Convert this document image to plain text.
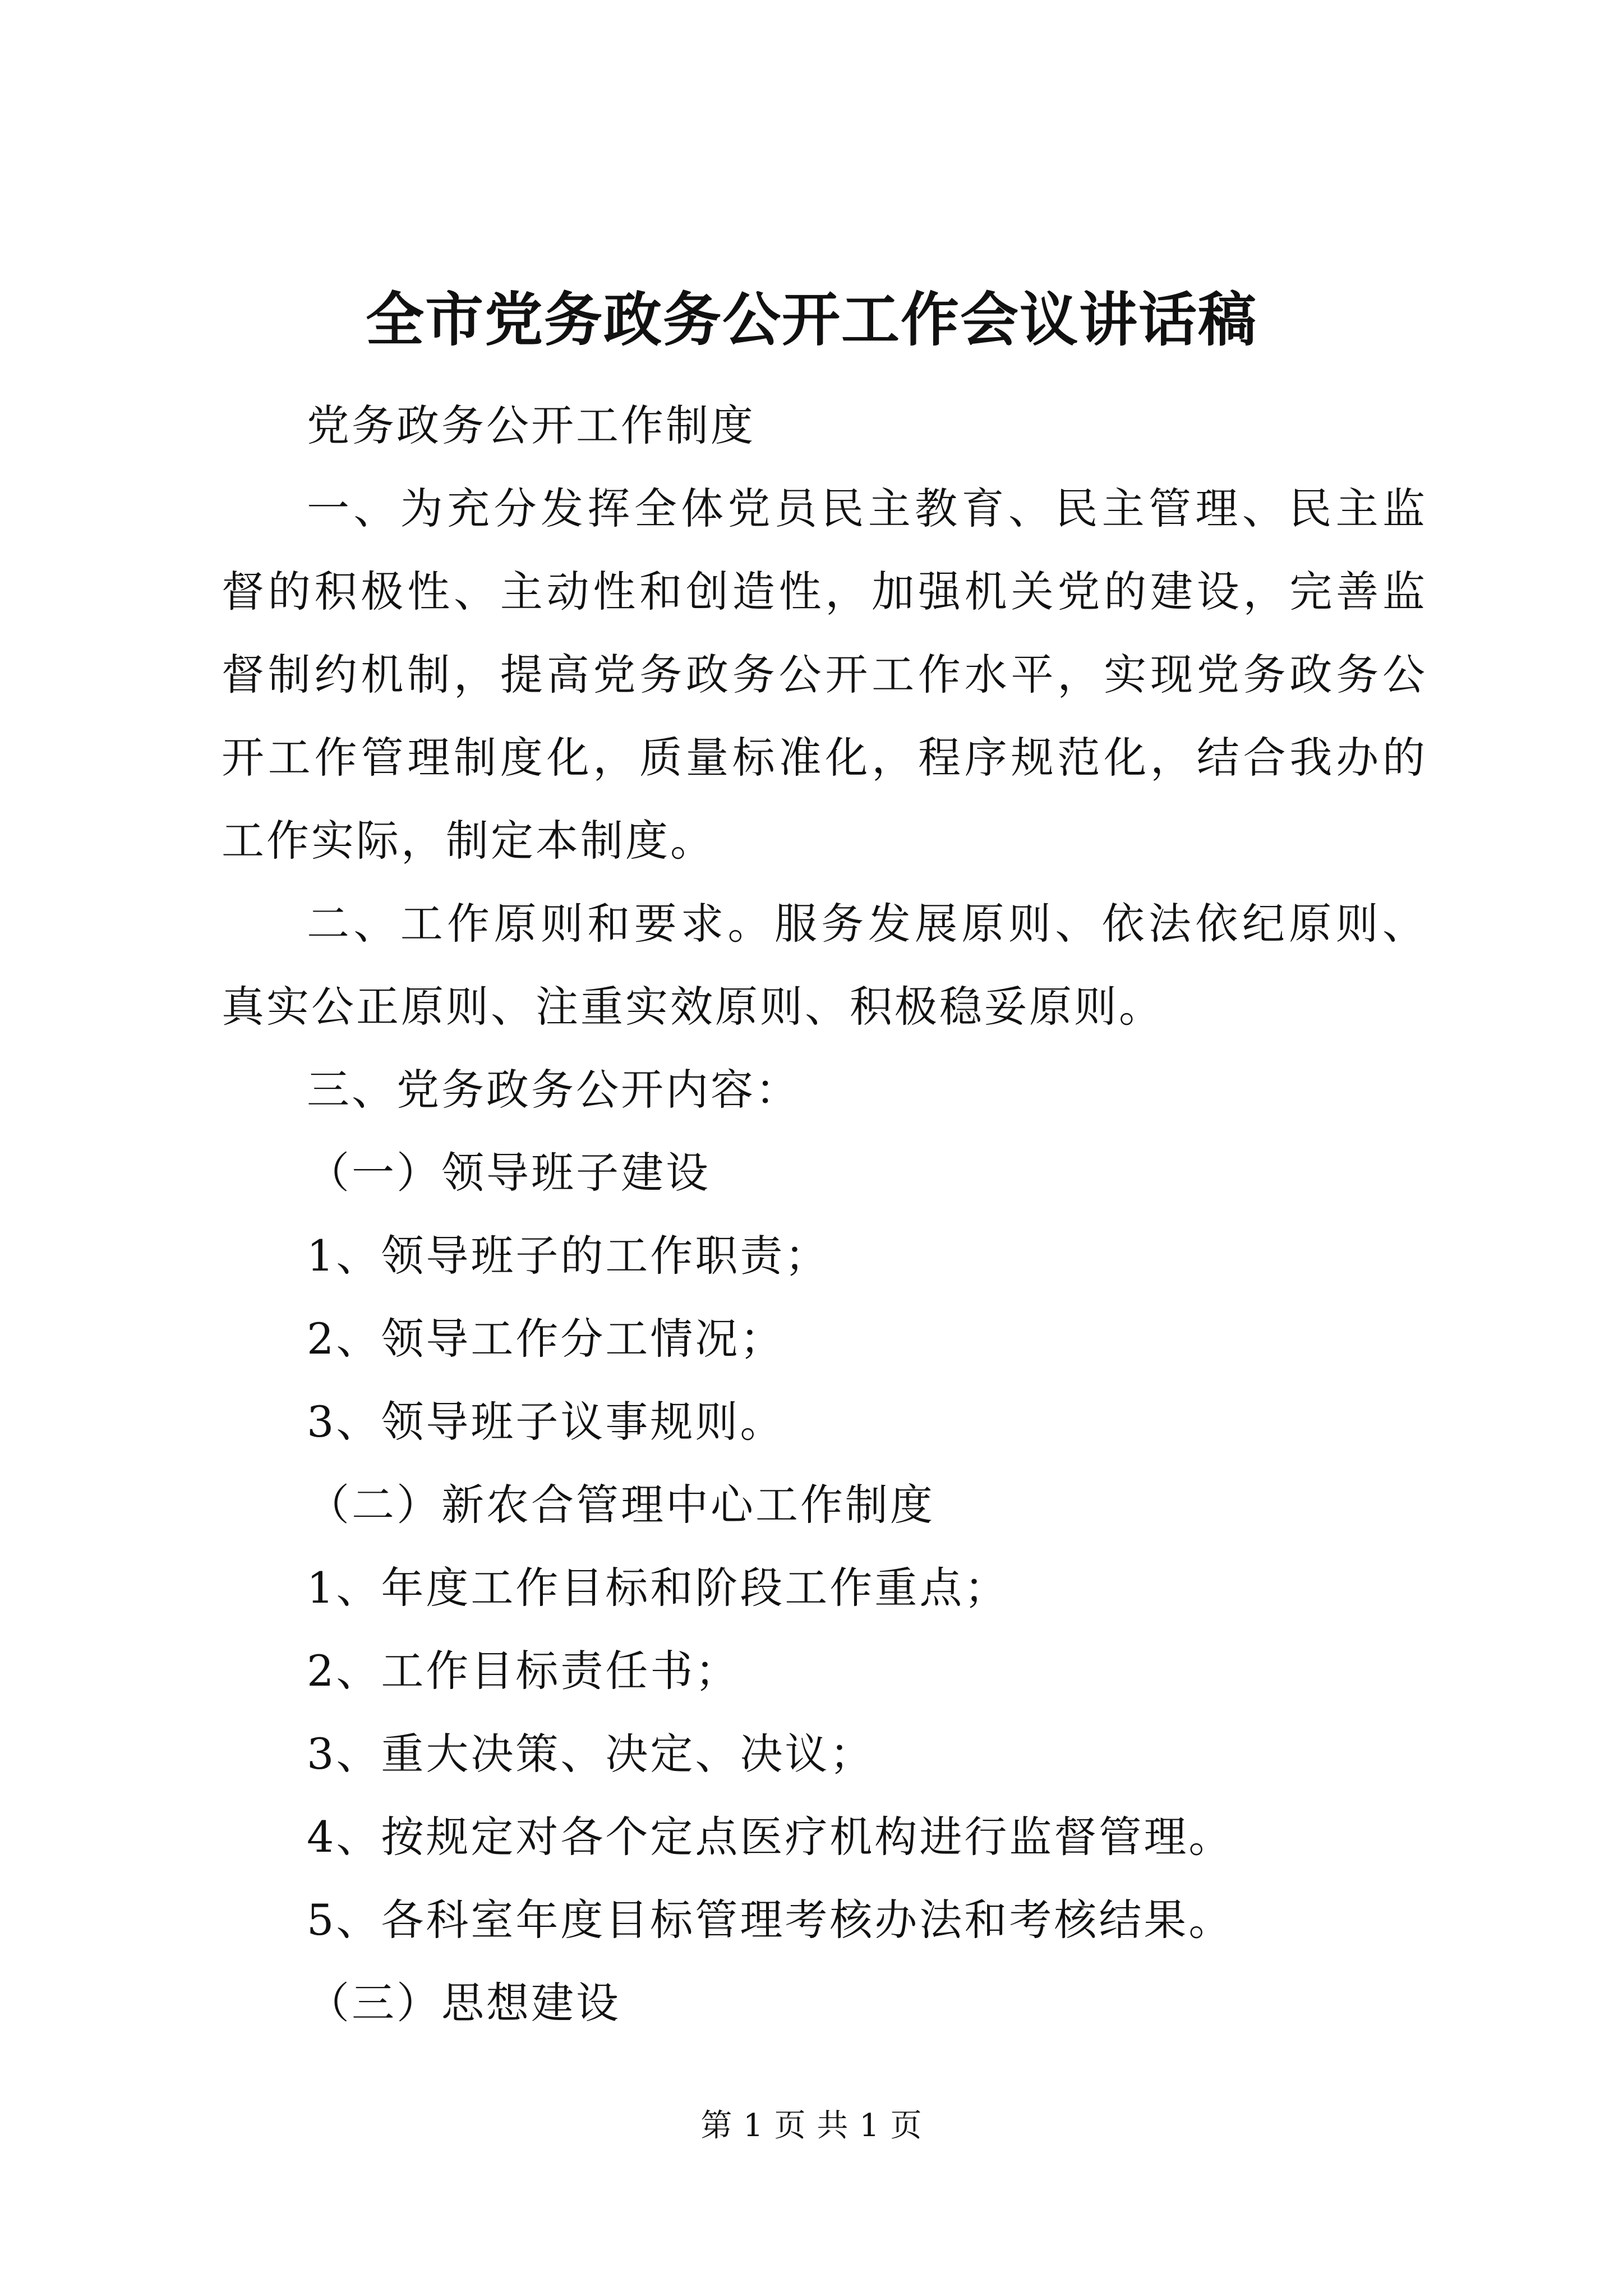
全市党务政务公开工作会议讲话稿

党务政务公开工作制度

一、为充分发挥全体党员民主教育、民主管理、民主监督的积极性、主动性和创造性，加强机关党的建设，完善监督制约机制，提高党务政务公开工作水平，实现党务政务公开工作管理制度化，质量标准化，程序规范化，结合我办的工作实际，制定本制度。

二、工作原则和要求。服务发展原则、依法依纪原则、真实公正原则、注重实效原则、积极稳妥原则。

三、党务政务公开内容：

（一）领导班子建设

1、领导班子的工作职责；

2、领导工作分工情况；

3、领导班子议事规则。

（二）新农合管理中心工作制度

1、年度工作目标和阶段工作重点；

2、工作目标责任书；

3、重大决策、决定、决议；

4、按规定对各个定点医疗机构进行监督管理。

5、各科室年度目标管理考核办法和考核结果。

（三）思想建设

第 1 页 共 1 页
